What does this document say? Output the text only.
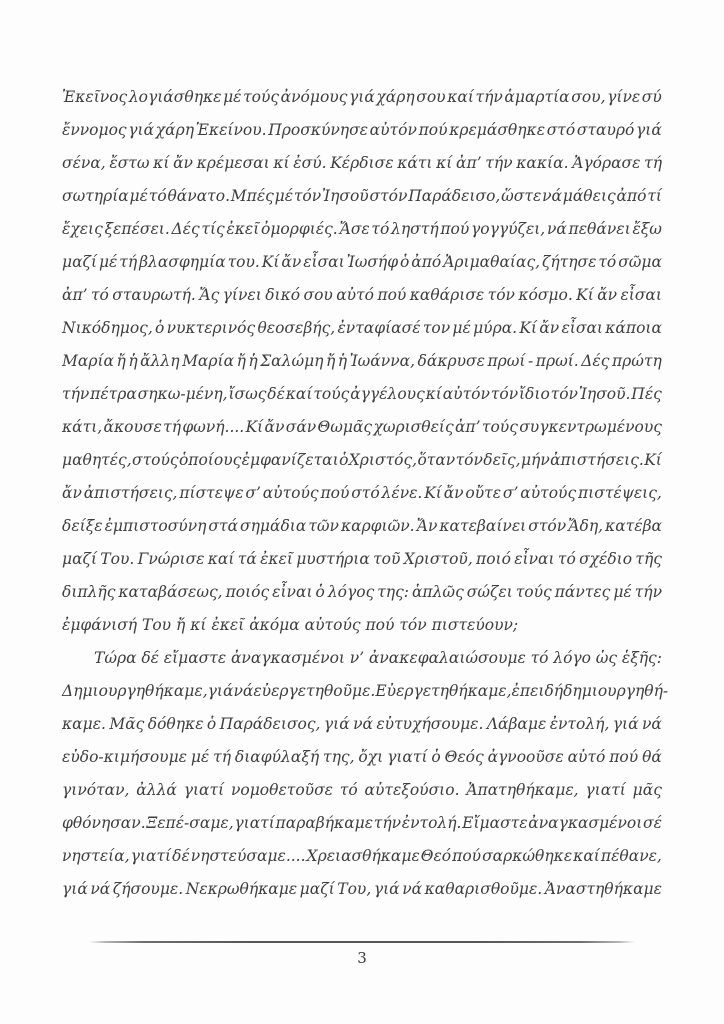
Ἐκεῖνος λογιάσθηκε μέ τούς ἀνόμους γιά χάρη σου καί τήν ἁμαρτία σου, γίνε σύ
ἔννομος γιά χάρη Ἐκείνου. Προσκύνησε αὐτόν πού κρεμάσθηκε στό σταυρό γιά
σένα, ἔστω κί ἄν κρέμεσαι κί ἐσύ. Κέρδισε κάτι κί ἀπ’ τήν κακία. Ἀγόρασε τή
σωτηρία μέ τό θάνατο. Μπές μέ τόν Ἰησοῦ στόν Παράδεισο, ὥστε νά μάθεις ἀπό τί
ἔχεις ξεπέσει. Δές τίς ἐκεῖ ὀμορφιές. Ἄσε τό ληστή πού γογγύζει, νά πεθάνει ἔξω
μαζί μέ τή βλασφημία του. Κί ἄν εἶσαι Ἰωσήφ ὁ ἀπό Ἀριμαθαίας, ζήτησε τό σῶμα
ἀπ’ τό σταυρωτή. Ἄς γίνει δικό σου αὐτό πού καθάρισε τόν κόσμο. Κί ἄν εἶσαι
Νικόδημος, ὁ νυκτερινός θεοσεβής, ἐνταφίασέ τον μέ μύρα. Κί ἄν εἶσαι κάποια
Μαρία ἤ ἡ ἄλλη Μαρία ἤ ἡ Σαλώμη ἤ ἡ Ἰωάννα, δάκρυσε πρωί - πρωί. Δές πρώτη
τήν πέτρα σηκω-μένη, ἴσως δέ καί τούς ἀγγέλους κί αὐτόν τόν ἴδιο τόν Ἰησοῦ. Πές
κάτι, ἄκουσε τή φωνή.... Κί ἄν σάν Θωμᾶς χωρισθείς ἀπ’ τούς συγκεντρωμένους
μαθητές, στούς ὁποίους ἐμφανίζεται ὁ Χριστός, ὅταν τόν δεῖς, μήν ἀπιστήσεις. Κί
ἄν ἀπιστήσεις, πίστεψε σ’ αὐτούς πού στό λένε. Κί ἄν οὔτε σ’ αὐτούς πιστέψεις,
δείξε ἐμπιστοσύνη στά σημάδια τῶν καρφιῶν. Ἄν κατεβαίνει στόν Ἄδη, κατέβα
μαζί Του. Γνώρισε καί τά ἐκεῖ μυστήρια τοῦ Χριστοῦ, ποιό εἶναι τό σχέδιο τῆς
διπλῆς καταβάσεως, ποιός εἶναι ὁ λόγος της: ἁπλῶς σώζει τούς πάντες μέ τήν
ἐμφάνισή Του ἤ κί ἐκεῖ ἀκόμα αὐτούς πού τόν πιστεύουν;
Τώρα δέ εἴμαστε ἀναγκασμένοι ν’ ἀνακεφαλαιώσουμε τό λόγο ὡς ἑξῆς:
Δημιουργηθήκαμε, γιά νά εὐεργετηθοῦμε. Εὐεργετηθήκαμε, ἐπειδή δημιουργηθή-
καμε. Μᾶς δόθηκε ὁ Παράδεισος, γιά νά εὐτυχήσουμε. Λάβαμε ἐντολή, γιά νά
εὐδο-κιμήσουμε μέ τή διαφύλαξή της, ὄχι γιατί ὁ Θεός ἀγνοοῦσε αὐτό πού θά
γινόταν, ἀλλά γιατί νομοθετοῦσε τό αὐτεξούσιο. Ἀπατηθήκαμε, γιατί μᾶς
φθόνησαν. Ξεπέ-σαμε, γιατί παραβήκαμε τήν ἐντολή. Εἴμαστε ἀναγκασμένοι σέ
νηστεία, γιατί δέ νηστεύσαμε.... Χρειασθήκαμε Θεό πού σαρκώθηκε καί πέθανε,
γιά νά ζήσουμε. Νεκρωθήκαμε μαζί Του, γιά νά καθαρισθοῦμε. Ἀναστηθήκαμε
3
